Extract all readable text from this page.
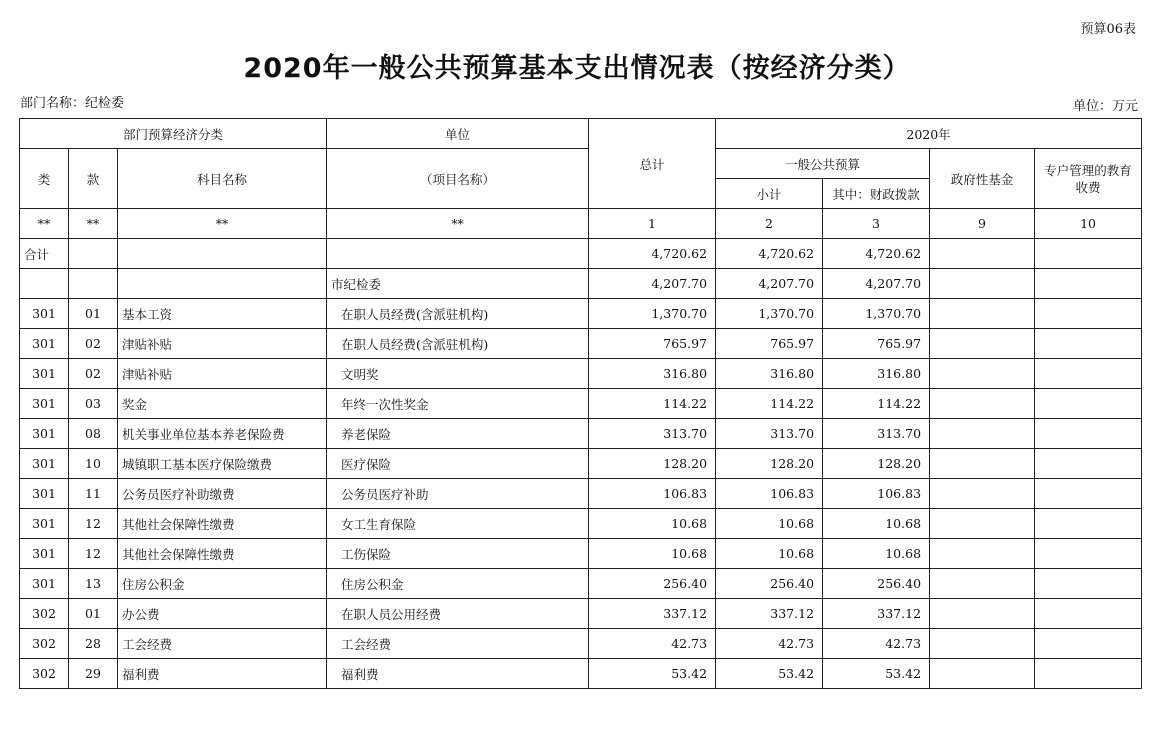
预算06表
2020年一般公共预算基本支出情况表（按经济分类）
部门名称：纪检委	单位：万元
部门预算经济分类			单位	总计	2020年			
类	款	科目名称	（项目名称）		一般公共预算		政府性基金	专户管理的教育收费
					小计	其中：财政拨款		
**	**	**	**	1	2	3	9	10
合计				4,720.62	4,720.62	4,720.62		
			市纪检委	4,207.70	4,207.70	4,207.70		
301	01	基本工资	在职人员经费(含派驻机构)	1,370.70	1,370.70	1,370.70		
301	02	津贴补贴	在职人员经费(含派驻机构)	765.97	765.97	765.97		
301	02	津贴补贴	文明奖	316.80	316.80	316.80		
301	03	奖金	年终一次性奖金	114.22	114.22	114.22		
301	08	机关事业单位基本养老保险费	养老保险	313.70	313.70	313.70		
301	10	城镇职工基本医疗保险缴费	医疗保险	128.20	128.20	128.20		
301	11	公务员医疗补助缴费	公务员医疗补助	106.83	106.83	106.83		
301	12	其他社会保障性缴费	女工生育保险	10.68	10.68	10.68		
301	12	其他社会保障性缴费	工伤保险	10.68	10.68	10.68		
301	13	住房公积金	住房公积金	256.40	256.40	256.40		
302	01	办公费	在职人员公用经费	337.12	337.12	337.12		
302	28	工会经费	工会经费	42.73	42.73	42.73		
302	29	福利费	福利费	53.42	53.42	53.42		
